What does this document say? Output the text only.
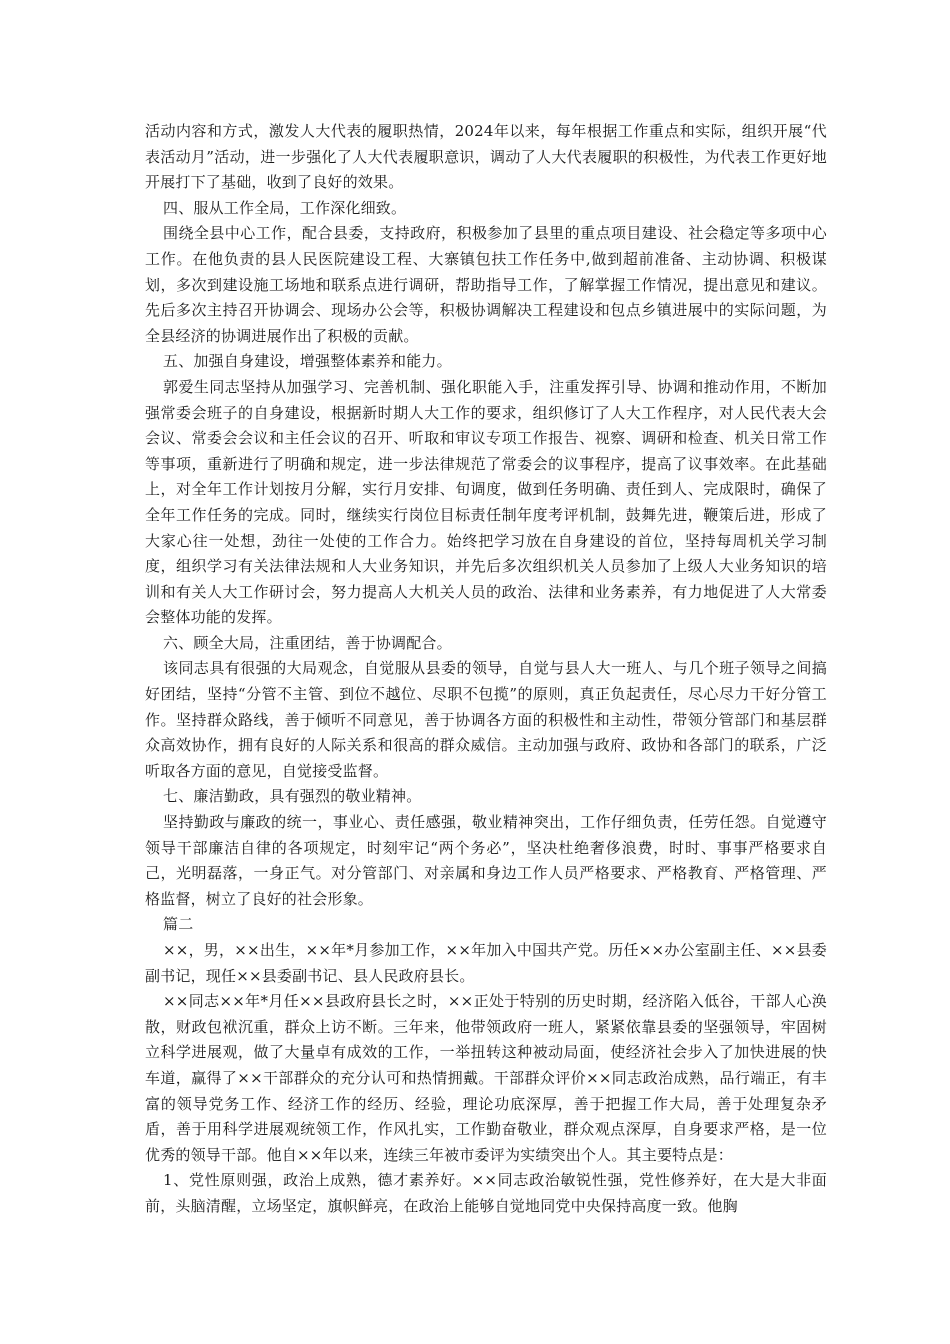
活动内容和方式，激发人大代表的履职热情，2024年以来，每年根据工作重点和实际，组织开展“代表活动月”活动，进一步强化了人大代表履职意识，调动了人大代表履职的积极性，为代表工作更好地开展打下了基础，收到了良好的效果。

四、服从工作全局，工作深化细致。

围绕全县中心工作，配合县委，支持政府，积极参加了县里的重点项目建设、社会稳定等多项中心工作。在他负责的县人民医院建设工程、大寨镇包扶工作任务中,做到超前准备、主动协调、积极谋划，多次到建设施工场地和联系点进行调研，帮助指导工作，了解掌握工作情况，提出意见和建议。先后多次主持召开协调会、现场办公会等，积极协调解决工程建设和包点乡镇进展中的实际问题，为全县经济的协调进展作出了积极的贡献。

五、加强自身建设，增强整体素养和能力。

郭爱生同志坚持从加强学习、完善机制、强化职能入手，注重发挥引导、协调和推动作用，不断加强常委会班子的自身建设，根据新时期人大工作的要求，组织修订了人大工作程序，对人民代表大会会议、常委会会议和主任会议的召开、听取和审议专项工作报告、视察、调研和检查、机关日常工作等事项，重新进行了明确和规定，进一步法律规范了常委会的议事程序，提高了议事效率。在此基础上，对全年工作计划按月分解，实行月安排、旬调度，做到任务明确、责任到人、完成限时，确保了全年工作任务的完成。同时，继续实行岗位目标责任制年度考评机制，鼓舞先进，鞭策后进，形成了大家心往一处想，劲往一处使的工作合力。始终把学习放在自身建设的首位，坚持每周机关学习制度，组织学习有关法律法规和人大业务知识，并先后多次组织机关人员参加了上级人大业务知识的培训和有关人大工作研讨会，努力提高人大机关人员的政治、法律和业务素养，有力地促进了人大常委会整体功能的发挥。

六、顾全大局，注重团结，善于协调配合。

该同志具有很强的大局观念，自觉服从县委的领导，自觉与县人大一班人、与几个班子领导之间搞好团结，坚持“分管不主管、到位不越位、尽职不包揽”的原则，真正负起责任，尽心尽力干好分管工作。坚持群众路线，善于倾听不同意见，善于协调各方面的积极性和主动性，带领分管部门和基层群众高效协作，拥有良好的人际关系和很高的群众威信。主动加强与政府、政协和各部门的联系，广泛听取各方面的意见，自觉接受监督。

七、廉洁勤政，具有强烈的敬业精神。

坚持勤政与廉政的统一，事业心、责任感强，敬业精神突出，工作仔细负责，任劳任怨。自觉遵守领导干部廉洁自律的各项规定，时刻牢记“两个务必”，坚决杜绝奢侈浪费，时时、事事严格要求自己，光明磊落，一身正气。对分管部门、对亲属和身边工作人员严格要求、严格教育、严格管理、严格监督，树立了良好的社会形象。

篇二

××，男，××出生，××年*月参加工作，××年加入中国共产党。历任××办公室副主任、××县委副书记，现任××县委副书记、县人民政府县长。

××同志××年*月任××县政府县长之时，××正处于特别的历史时期，经济陷入低谷，干部人心涣散，财政包袱沉重，群众上访不断。三年来，他带领政府一班人，紧紧依靠县委的坚强领导，牢固树立科学进展观，做了大量卓有成效的工作，一举扭转这种被动局面，使经济社会步入了加快进展的快车道，赢得了××干部群众的充分认可和热情拥戴。干部群众评价××同志政治成熟，品行端正，有丰富的领导党务工作、经济工作的经历、经验，理论功底深厚，善于把握工作大局，善于处理复杂矛盾，善于用科学进展观统领工作，作风扎实，工作勤奋敬业，群众观点深厚，自身要求严格，是一位优秀的领导干部。他自××年以来，连续三年被市委评为实绩突出个人。其主要特点是：

1、党性原则强，政治上成熟，德才素养好。××同志政治敏锐性强，党性修养好，在大是大非面前，头脑清醒，立场坚定，旗帜鲜亮，在政治上能够自觉地同党中央保持高度一致。他胸
